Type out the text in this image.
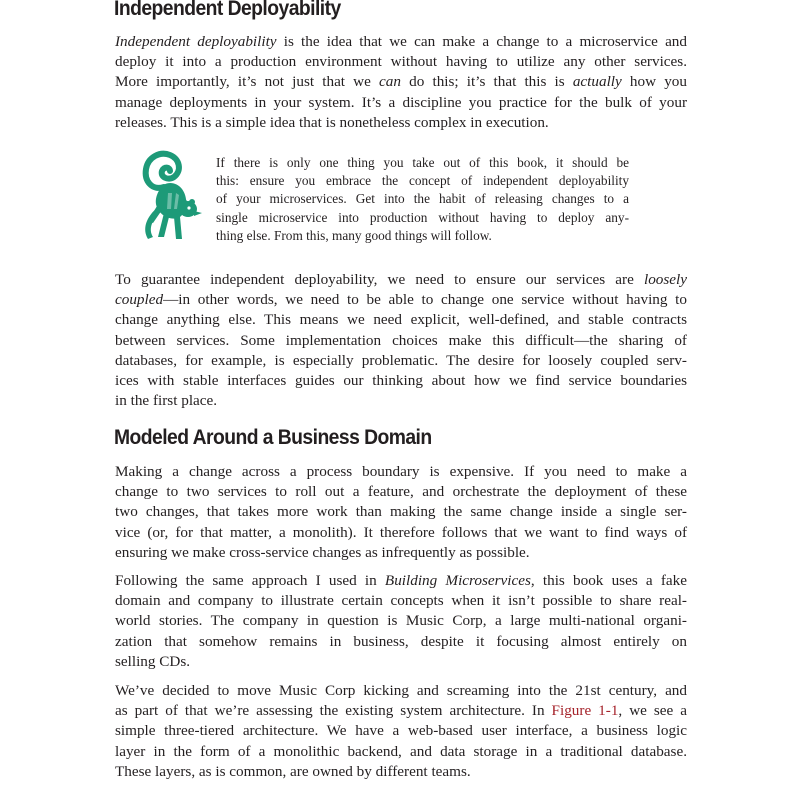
Independent Deployability
Independent deployability is the idea that we can make a change to a microservice and
deploy it into a production environment without having to utilize any other services.
More importantly, it’s not just that we can do this; it’s that this is actually how you
manage deployments in your system. It’s a discipline you practice for the bulk of your
releases. This is a simple idea that is nonetheless complex in execution.
If there is only one thing you take out of this book, it should be
this: ensure you embrace the concept of independent deployability
of your microservices. Get into the habit of releasing changes to a
single microservice into production without having to deploy any-
thing else. From this, many good things will follow.
To guarantee independent deployability, we need to ensure our services are loosely
coupled—in other words, we need to be able to change one service without having to
change anything else. This means we need explicit, well-defined, and stable contracts
between services. Some implementation choices make this difficult—the sharing of
databases, for example, is especially problematic. The desire for loosely coupled serv-
ices with stable interfaces guides our thinking about how we find service boundaries
in the first place.
Modeled Around a Business Domain
Making a change across a process boundary is expensive. If you need to make a
change to two services to roll out a feature, and orchestrate the deployment of these
two changes, that takes more work than making the same change inside a single ser-
vice (or, for that matter, a monolith). It therefore follows that we want to find ways of
ensuring we make cross-service changes as infrequently as possible.
Following the same approach I used in Building Microservices, this book uses a fake
domain and company to illustrate certain concepts when it isn’t possible to share real-
world stories. The company in question is Music Corp, a large multi-national organi-
zation that somehow remains in business, despite it focusing almost entirely on
selling CDs.
We’ve decided to move Music Corp kicking and screaming into the 21st century, and
as part of that we’re assessing the existing system architecture. In Figure 1-1, we see a
simple three-tiered architecture. We have a web-based user interface, a business logic
layer in the form of a monolithic backend, and data storage in a traditional database.
These layers, as is common, are owned by different teams.
